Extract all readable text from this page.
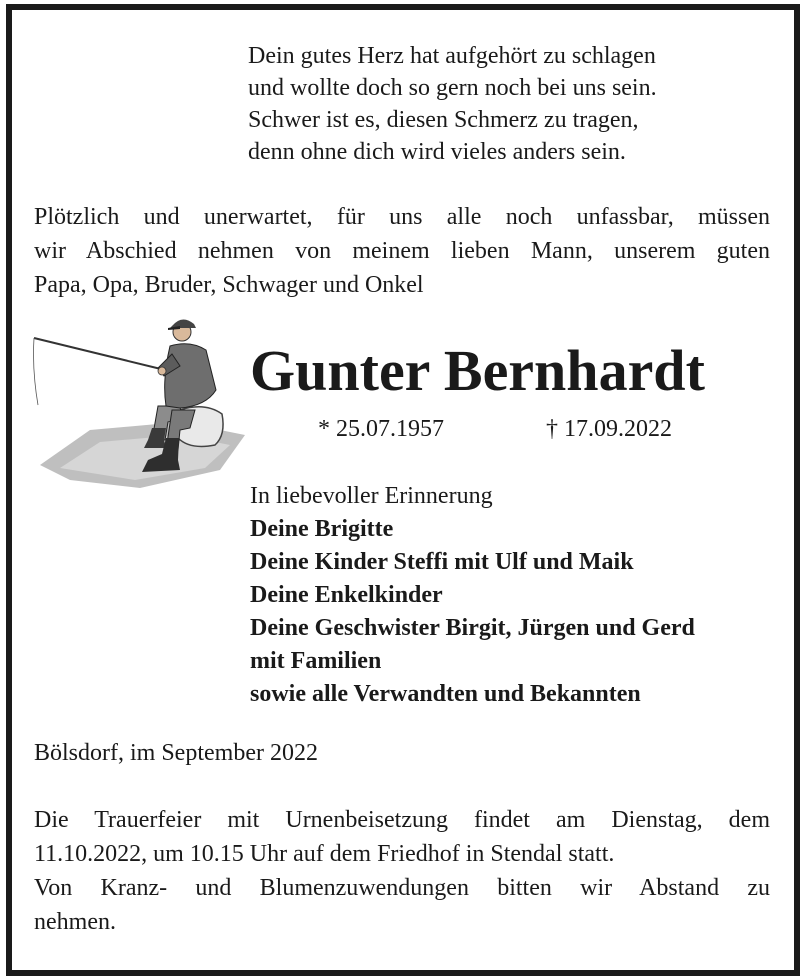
Dein gutes Herz hat aufgehört zu schlagen
und wollte doch so gern noch bei uns sein.
Schwer ist es, diesen Schmerz zu tragen,
denn ohne dich wird vieles anders sein.
Plötzlich und unerwartet, für uns alle noch unfassbar, müssen
wir Abschied nehmen von meinem lieben Mann, unserem guten
Papa, Opa, Bruder, Schwager und Onkel
Gunter Bernhardt
* 25.07.1957	† 17.09.2022
In liebevoller Erinnerung
Deine Brigitte
Deine Kinder Steffi mit Ulf und Maik
Deine Enkelkinder
Deine Geschwister Birgit, Jürgen und Gerd
mit Familien
sowie alle Verwandten und Bekannten
Bölsdorf, im September 2022
Die Trauerfeier mit Urnenbeisetzung findet am Dienstag, dem
11.10.2022, um 10.15 Uhr auf dem Friedhof in Stendal statt.
Von Kranz- und Blumenzuwendungen bitten wir Abstand zu
nehmen.
